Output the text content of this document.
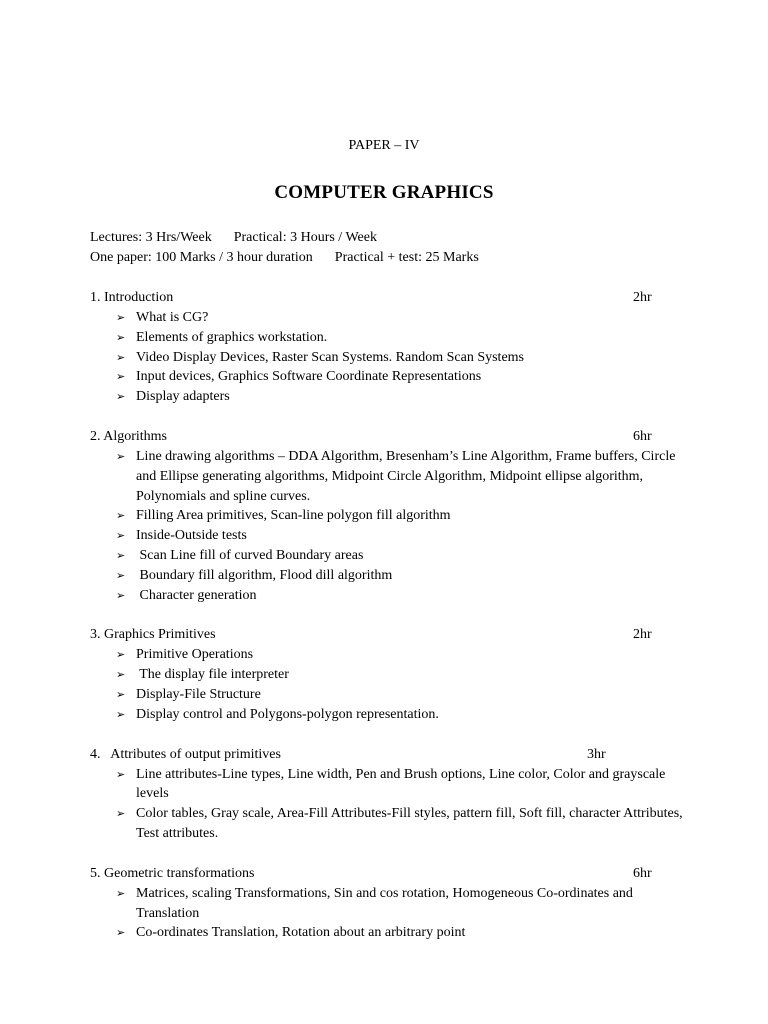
PAPER – IV
COMPUTER GRAPHICS
Lectures: 3 Hrs/Week Practical: 3 Hours / Week
One paper: 100 Marks / 3 hour duration Practical + test: 25 Marks
1. Introduction	2hr
➢ What is CG?
➢ Elements of graphics workstation.
➢ Video Display Devices, Raster Scan Systems. Random Scan Systems
➢ Input devices, Graphics Software Coordinate Representations
➢ Display adapters
2. Algorithms	6hr
➢ Line drawing algorithms – DDA Algorithm, Bresenham’s Line Algorithm, Frame buffers, Circle and Ellipse generating algorithms, Midpoint Circle Algorithm, Midpoint ellipse algorithm, Polynomials and spline curves.
➢ Filling Area primitives, Scan-line polygon fill algorithm
➢ Inside-Outside tests
➢ Scan Line fill of curved Boundary areas
➢ Boundary fill algorithm, Flood dill algorithm
➢ Character generation
3. Graphics Primitives	2hr
➢ Primitive Operations
➢ The display file interpreter
➢ Display-File Structure
➢ Display control and Polygons-polygon representation.
4.   Attributes of output primitives	3hr
➢ Line attributes-Line types, Line width, Pen and Brush options, Line color, Color and grayscale levels
➢ Color tables, Gray scale, Area-Fill Attributes-Fill styles, pattern fill, Soft fill, character Attributes, Test attributes.
5. Geometric transformations	6hr
➢ Matrices, scaling Transformations, Sin and cos rotation, Homogeneous Co-ordinates and Translation
➢ Co-ordinates Translation, Rotation about an arbitrary point
